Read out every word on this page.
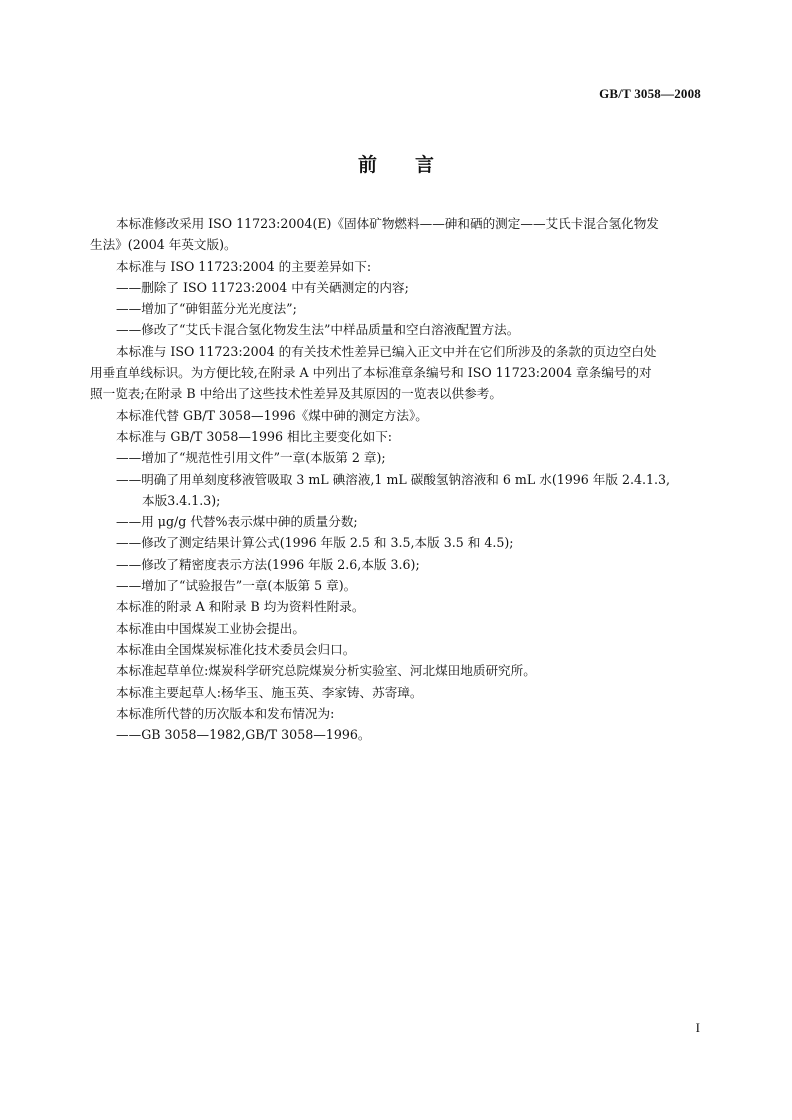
GB/T 3058—2008
前言

本标准修改采用 ISO 11723:2004(E)《固体矿物燃料——砷和硒的测定——艾氏卡混合氢化物发

生法》(2004 年英文版)。

本标准与 ISO 11723:2004 的主要差异如下:

——删除了 ISO 11723:2004 中有关硒测定的内容;

——增加了“砷钼蓝分光光度法”;

——修改了“艾氏卡混合氢化物发生法”中样品质量和空白溶液配置方法。

本标准与 ISO 11723:2004 的有关技术性差异已编入正文中并在它们所涉及的条款的页边空白处

用垂直单线标识。为方便比较,在附录 A 中列出了本标准章条编号和 ISO 11723:2004 章条编号的对

照一览表;在附录 B 中给出了这些技术性差异及其原因的一览表以供参考。

本标准代替 GB/T 3058—1996《煤中砷的测定方法》。

本标准与 GB/T 3058—1996 相比主要变化如下:

——增加了“规范性引用文件”一章(本版第 2 章);

——明确了用单刻度移液管吸取 3 mL 碘溶液,1 mL 碳酸氢钠溶液和 6 mL 水(1996 年版 2.4.1.3,

本版3.4.1.3);

——用 μg/g 代替%表示煤中砷的质量分数;

——修改了测定结果计算公式(1996 年版 2.5 和 3.5,本版 3.5 和 4.5);

——修改了精密度表示方法(1996 年版 2.6,本版 3.6);

——增加了“试验报告”一章(本版第 5 章)。

本标准的附录 A 和附录 B 均为资料性附录。

本标准由中国煤炭工业协会提出。

本标准由全国煤炭标准化技术委员会归口。

本标准起草单位:煤炭科学研究总院煤炭分析实验室、河北煤田地质研究所。

本标准主要起草人:杨华玉、施玉英、李家铸、苏寄璋。

本标准所代替的历次版本和发布情况为:

——GB 3058—1982,GB/T 3058—1996。

I
